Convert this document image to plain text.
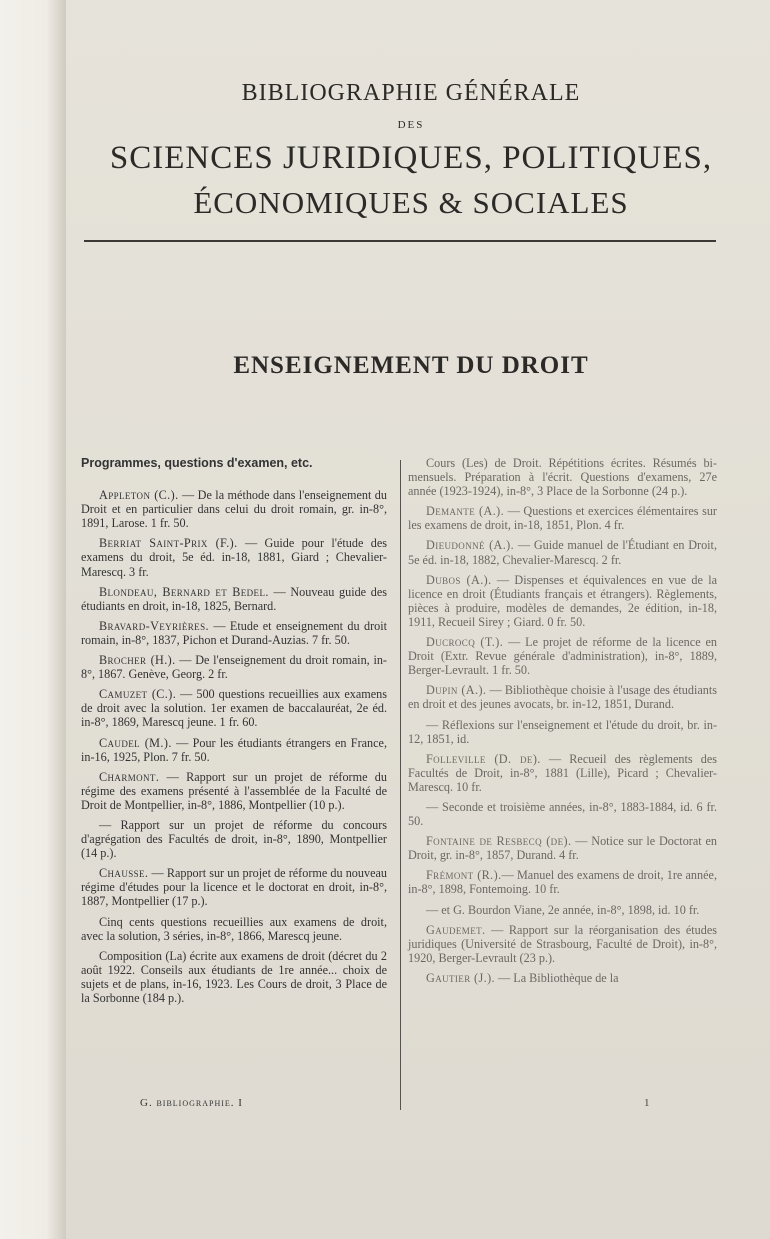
BIBLIOGRAPHIE GÉNÉRALE
DES
SCIENCES JURIDIQUES, POLITIQUES,
ÉCONOMIQUES & SOCIALES
ENSEIGNEMENT DU DROIT

Programmes, questions d'examen, etc.

Appleton (C.). — De la méthode dans l'enseignement du Droit et en particulier dans celui du droit romain, gr. in-8°, 1891, Larose. 1 fr. 50.

Berriat Saint-Prix (F.). — Guide pour l'étude des examens du droit, 5e éd. in-18, 1881, Giard ; Chevalier-Marescq. 3 fr.

Blondeau, Bernard et Bedel. — Nouveau guide des étudiants en droit, in-18, 1825, Bernard.

Bravard-Veyrières. — Etude et enseignement du droit romain, in-8°, 1837, Pichon et Durand-Auzias. 7 fr. 50.

Brocher (H.). — De l'enseignement du droit romain, in-8°, 1867. Genève, Georg. 2 fr.

Camuzet (C.). — 500 questions recueillies aux examens de droit avec la solution. 1er examen de baccalauréat, 2e éd. in-8°, 1869, Marescq jeune. 1 fr. 60.

Caudel (M.). — Pour les étudiants étrangers en France, in-16, 1925, Plon. 7 fr. 50.

Charmont. — Rapport sur un projet de réforme du régime des examens présenté à l'assemblée de la Faculté de Droit de Montpellier, in-8°, 1886, Montpellier (10 p.).

— Rapport sur un projet de réforme du concours d'agrégation des Facultés de droit, in-8°, 1890, Montpellier (14 p.).

Chausse. — Rapport sur un projet de réforme du nouveau régime d'études pour la licence et le doctorat en droit, in-8°, 1887, Montpellier (17 p.).

Cinq cents questions recueillies aux examens de droit, avec la solution, 3 séries, in-8°, 1866, Marescq jeune.

Composition (La) écrite aux examens de droit (décret du 2 août 1922. Conseils aux étudiants de 1re année... choix de sujets et de plans, in-16, 1923. Les Cours de droit, 3 Place de la Sorbonne (184 p.).

Cours (Les) de Droit. Répétitions écrites. Résumés bi-mensuels. Préparation à l'écrit. Questions d'examens, 27e année (1923-1924), in-8°, 3 Place de la Sorbonne (24 p.).

Demante (A.). — Questions et exercices élémentaires sur les examens de droit, in-18, 1851, Plon. 4 fr.

Dieudonné (A.). — Guide manuel de l'Étudiant en Droit, 5e éd. in-18, 1882, Chevalier-Marescq. 2 fr.

Dubos (A.). — Dispenses et équivalences en vue de la licence en droit (Étudiants français et étrangers). Règlements, pièces à produire, modèles de demandes, 2e édition, in-18, 1911, Recueil Sirey ; Giard. 0 fr. 50.

Ducrocq (T.). — Le projet de réforme de la licence en Droit (Extr. Revue générale d'administration), in-8°, 1889, Berger-Levrault. 1 fr. 50.

Dupin (A.). — Bibliothèque choisie à l'usage des étudiants en droit et des jeunes avocats, br. in-12, 1851, Durand.

— Réflexions sur l'enseignement et l'étude du droit, br. in-12, 1851, id.

Folleville (D. de). — Recueil des règlements des Facultés de Droit, in-8°, 1881 (Lille), Picard ; Chevalier-Marescq. 10 fr.

— Seconde et troisième années, in-8°, 1883-1884, id. 6 fr. 50.

Fontaine de Resbecq (de). — Notice sur le Doctorat en Droit, gr. in-8°, 1857, Durand. 4 fr.

Frémont (R.).— Manuel des examens de droit, 1re année, in-8°, 1898, Fontemoing. 10 fr.

— et G. Bourdon Viane, 2e année, in-8°, 1898, id. 10 fr.

Gaudemet. — Rapport sur la réorganisation des études juridiques (Université de Strasbourg, Faculté de Droit), in-8°, 1920, Berger-Levrault (23 p.).

Gautier (J.). — La Bibliothèque de la

G. bibliographie. I	1
